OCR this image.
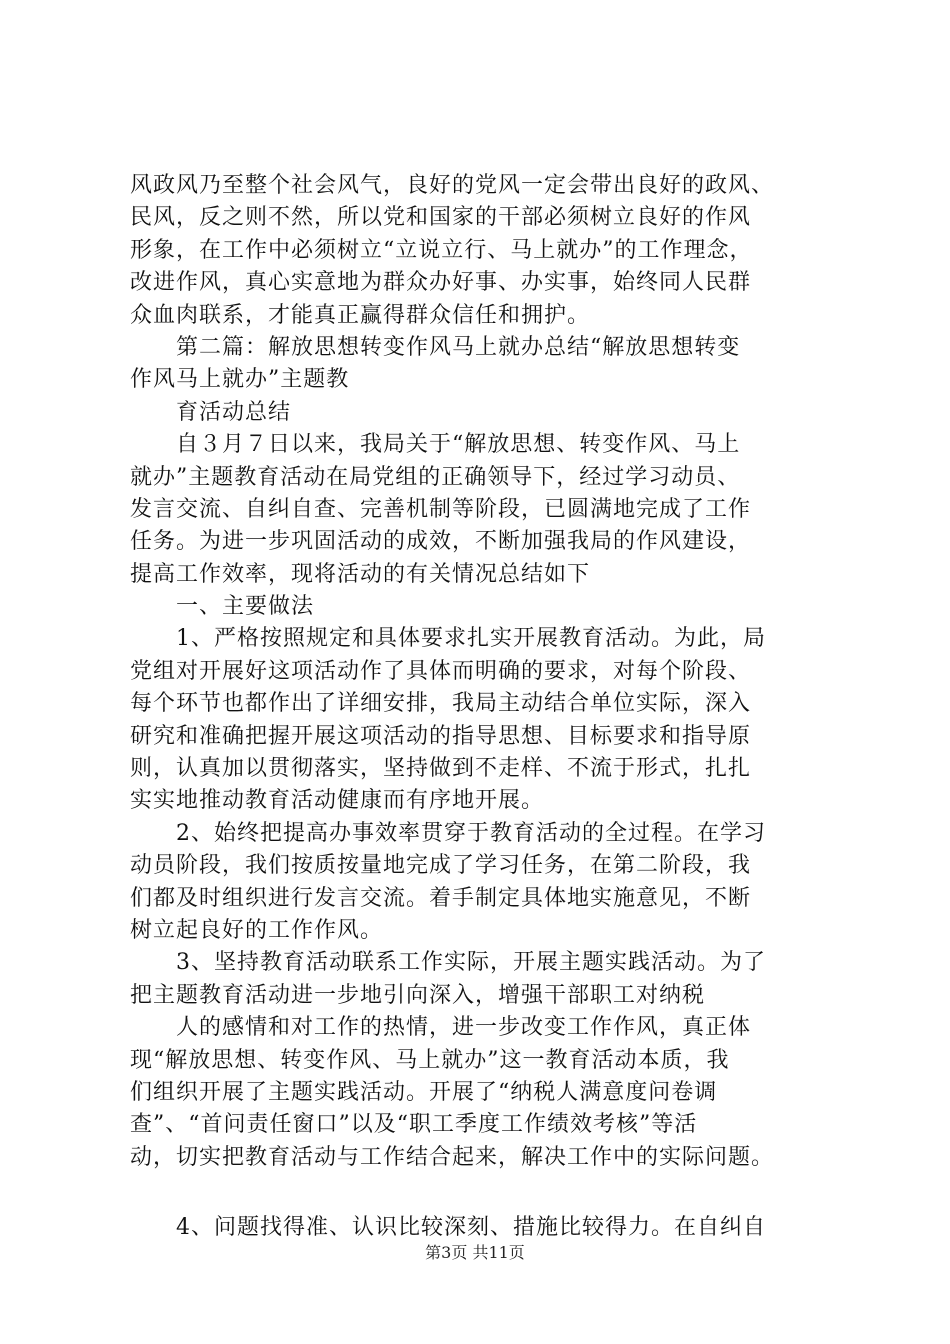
风政风乃至整个社会风气，良好的党风一定会带出良好的政风、
民风，反之则不然，所以党和国家的干部必须树立良好的作风
形象，在工作中必须树立“立说立行、马上就办”的工作理念，
改进作风，真心实意地为群众办好事、办实事，始终同人民群
众血肉联系，才能真正赢得群众信任和拥护。
　　第二篇：解放思想转变作风马上就办总结“解放思想转变
作风马上就办”主题教
　　育活动总结
　　自３月７日以来，我局关于“解放思想、转变作风、马上
就办”主题教育活动在局党组的正确领导下，经过学习动员、
发言交流、自纠自查、完善机制等阶段，已圆满地完成了工作
任务。为进一步巩固活动的成效，不断加强我局的作风建设，
提高工作效率，现将活动的有关情况总结如下
　　一、主要做法
　　1、严格按照规定和具体要求扎实开展教育活动。为此，局
党组对开展好这项活动作了具体而明确的要求，对每个阶段、
每个环节也都作出了详细安排，我局主动结合单位实际，深入
研究和准确把握开展这项活动的指导思想、目标要求和指导原
则，认真加以贯彻落实，坚持做到不走样、不流于形式，扎扎
实实地推动教育活动健康而有序地开展。
　　2、始终把提高办事效率贯穿于教育活动的全过程。在学习
动员阶段，我们按质按量地完成了学习任务，在第二阶段，我
们都及时组织进行发言交流。着手制定具体地实施意见，不断
树立起良好的工作作风。
　　3、坚持教育活动联系工作实际，开展主题实践活动。为了
把主题教育活动进一步地引向深入，增强干部职工对纳税
　　人的感情和对工作的热情，进一步改变工作作风，真正体
现“解放思想、转变作风、马上就办”这一教育活动本质，我
们组织开展了主题实践活动。开展了“纳税人满意度问卷调
查”、“首问责任窗口”以及“职工季度工作绩效考核”等活
动，切实把教育活动与工作结合起来，解决工作中的实际问题。
　　4、问题找得准、认识比较深刻、措施比较得力。在自纠自
第3页 共11页
